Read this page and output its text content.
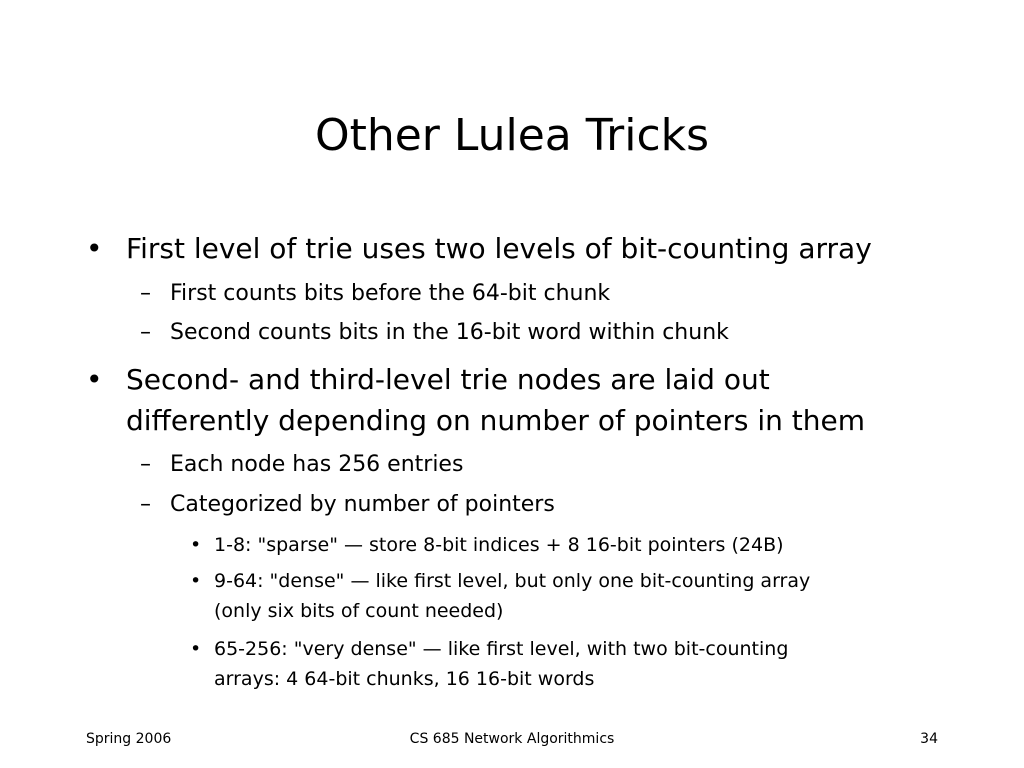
Other Lulea Tricks
• First level of trie uses two levels of bit-counting array
– First counts bits before the 64-bit chunk
– Second counts bits in the 16-bit word within chunk
• Second- and third-level trie nodes are laid out
differently depending on number of pointers in them
– Each node has 256 entries
– Categorized by number of pointers
• 1-8: "sparse" — store 8-bit indices + 8 16-bit pointers (24B)
• 9-64: "dense" — like first level, but only one bit-counting array
(only six bits of count needed)
• 65-256: "very dense" — like first level, with two bit-counting
arrays: 4 64-bit chunks, 16 16-bit words
Spring 2006	CS 685 Network Algorithmics	34
